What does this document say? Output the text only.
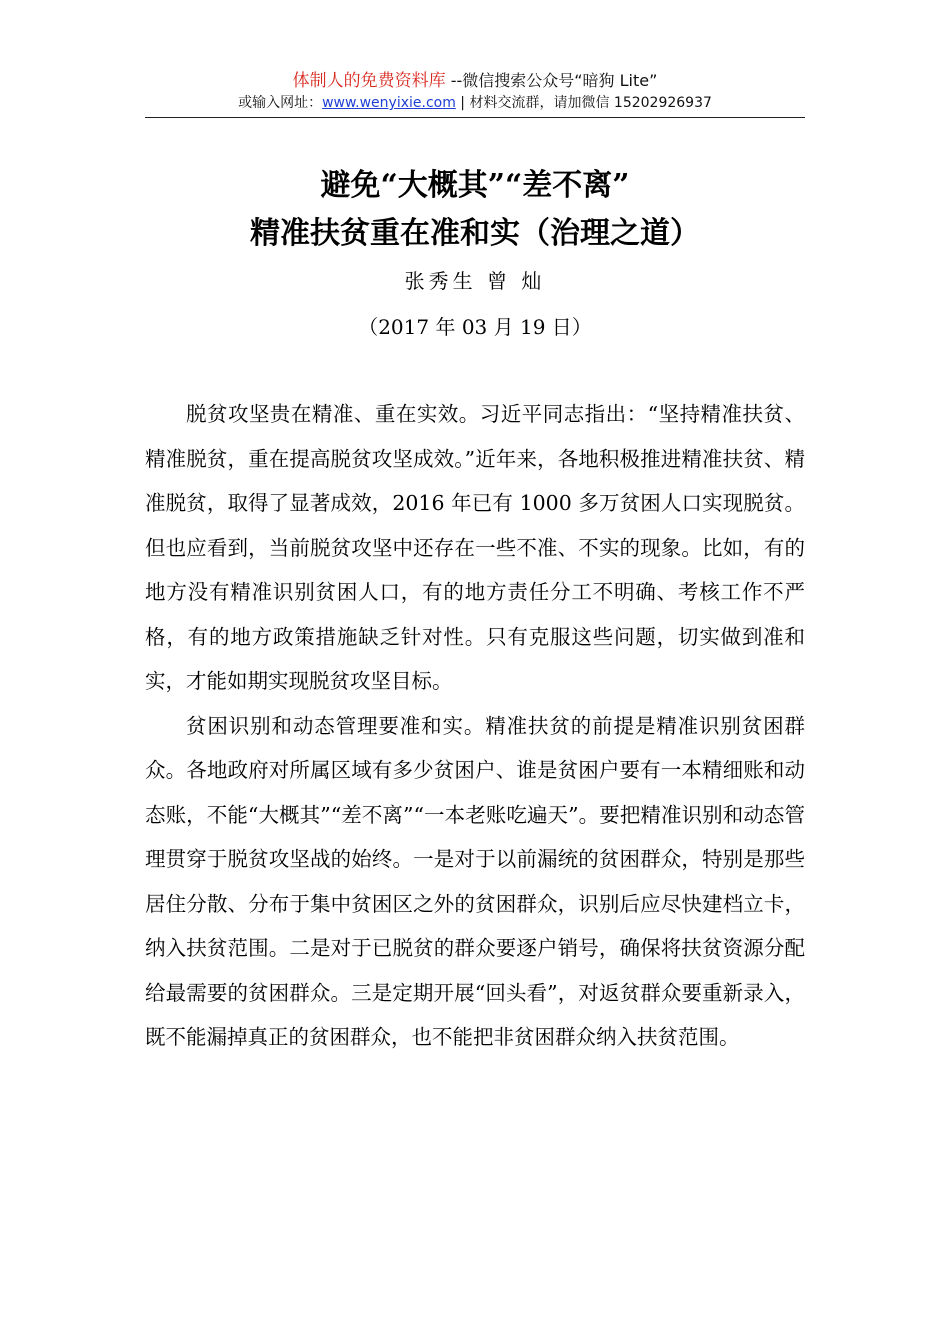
体制人的免费资料库 --微信搜索公众号“暗狗 Lite”
或输入网址：www.wenyixie.com | 材料交流群，请加微信 15202926937
避免“大概其”“差不离”
精准扶贫重在准和实（治理之道）
张秀生 曾 灿
（2017 年 03 月 19 日）

脱贫攻坚贵在精准、重在实效。习近平同志指出：“坚持精准扶贫、精准脱贫，重在提高脱贫攻坚成效。”近年来，各地积极推进精准扶贫、精准脱贫，取得了显著成效，2016 年已有 1000 多万贫困人口实现脱贫。但也应看到，当前脱贫攻坚中还存在一些不准、不实的现象。比如，有的地方没有精准识别贫困人口，有的地方责任分工不明确、考核工作不严格，有的地方政策措施缺乏针对性。只有克服这些问题，切实做到准和实，才能如期实现脱贫攻坚目标。

贫困识别和动态管理要准和实。精准扶贫的前提是精准识别贫困群众。各地政府对所属区域有多少贫困户、谁是贫困户要有一本精细账和动态账，不能“大概其”“差不离”“一本老账吃遍天”。要把精准识别和动态管理贯穿于脱贫攻坚战的始终。一是对于以前漏统的贫困群众，特别是那些居住分散、分布于集中贫困区之外的贫困群众，识别后应尽快建档立卡，纳入扶贫范围。二是对于已脱贫的群众要逐户销号，确保将扶贫资源分配给最需要的贫困群众。三是定期开展“回头看”，对返贫群众要重新录入，既不能漏掉真正的贫困群众，也不能把非贫困群众纳入扶贫范围。
